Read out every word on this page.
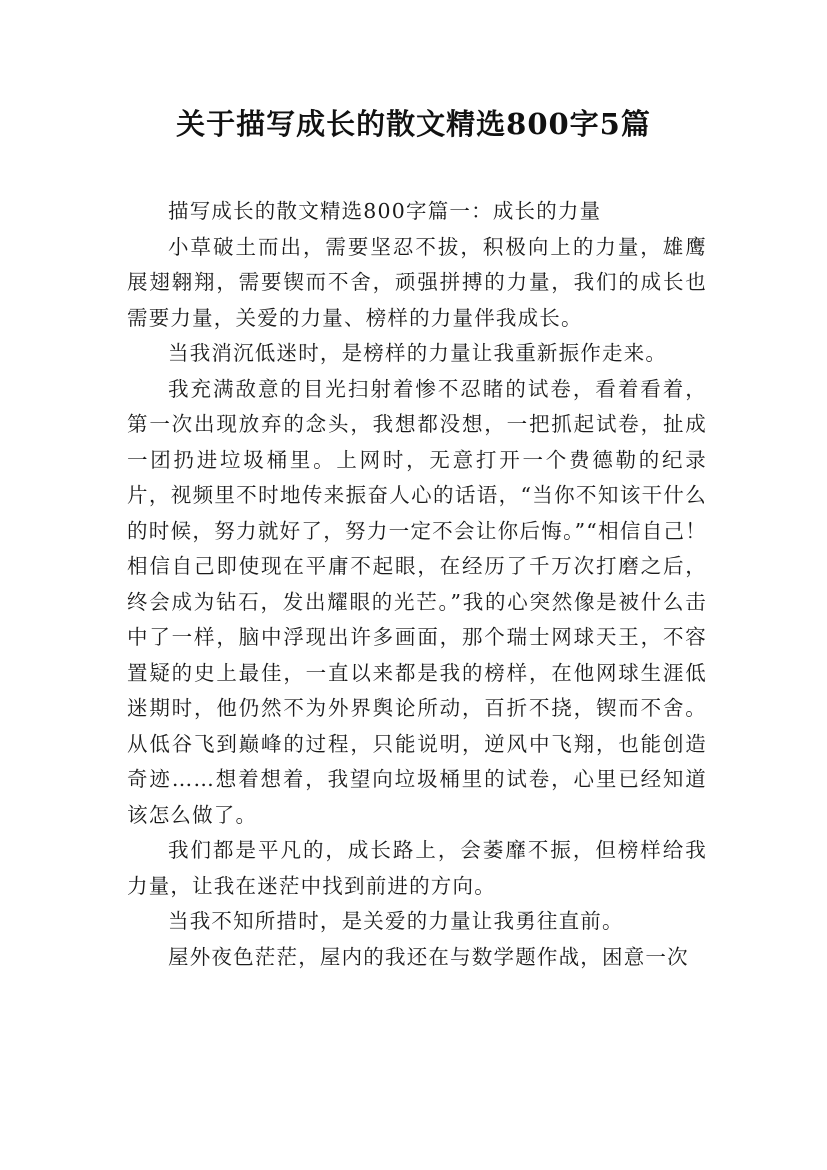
关于描写成长的散文精选800字5篇

描写成长的散文精选800字篇一：成长的力量

小草破土而出，需要坚忍不拔，积极向上的力量，雄鹰展翅翱翔，需要锲而不舍，顽强拼搏的力量，我们的成长也需要力量，关爱的力量、榜样的力量伴我成长。

当我消沉低迷时，是榜样的力量让我重新振作走来。

我充满敌意的目光扫射着惨不忍睹的试卷，看着看着，第一次出现放弃的念头，我想都没想，一把抓起试卷，扯成一团扔进垃圾桶里。上网时，无意打开一个费德勒的纪录片，视频里不时地传来振奋人心的话语，“当你不知该干什么的时候，努力就好了，努力一定不会让你后悔。”“相信自己！相信自己即使现在平庸不起眼，在经历了千万次打磨之后，终会成为钻石，发出耀眼的光芒。”我的心突然像是被什么击中了一样，脑中浮现出许多画面，那个瑞士网球天王，不容置疑的史上最佳，一直以来都是我的榜样，在他网球生涯低迷期时，他仍然不为外界舆论所动，百折不挠，锲而不舍。从低谷飞到巅峰的过程，只能说明，逆风中飞翔，也能创造奇迹……想着想着，我望向垃圾桶里的试卷，心里已经知道该怎么做了。

我们都是平凡的，成长路上，会萎靡不振，但榜样给我力量，让我在迷茫中找到前进的方向。

当我不知所措时，是关爱的力量让我勇往直前。

屋外夜色茫茫，屋内的我还在与数学题作战，困意一次
